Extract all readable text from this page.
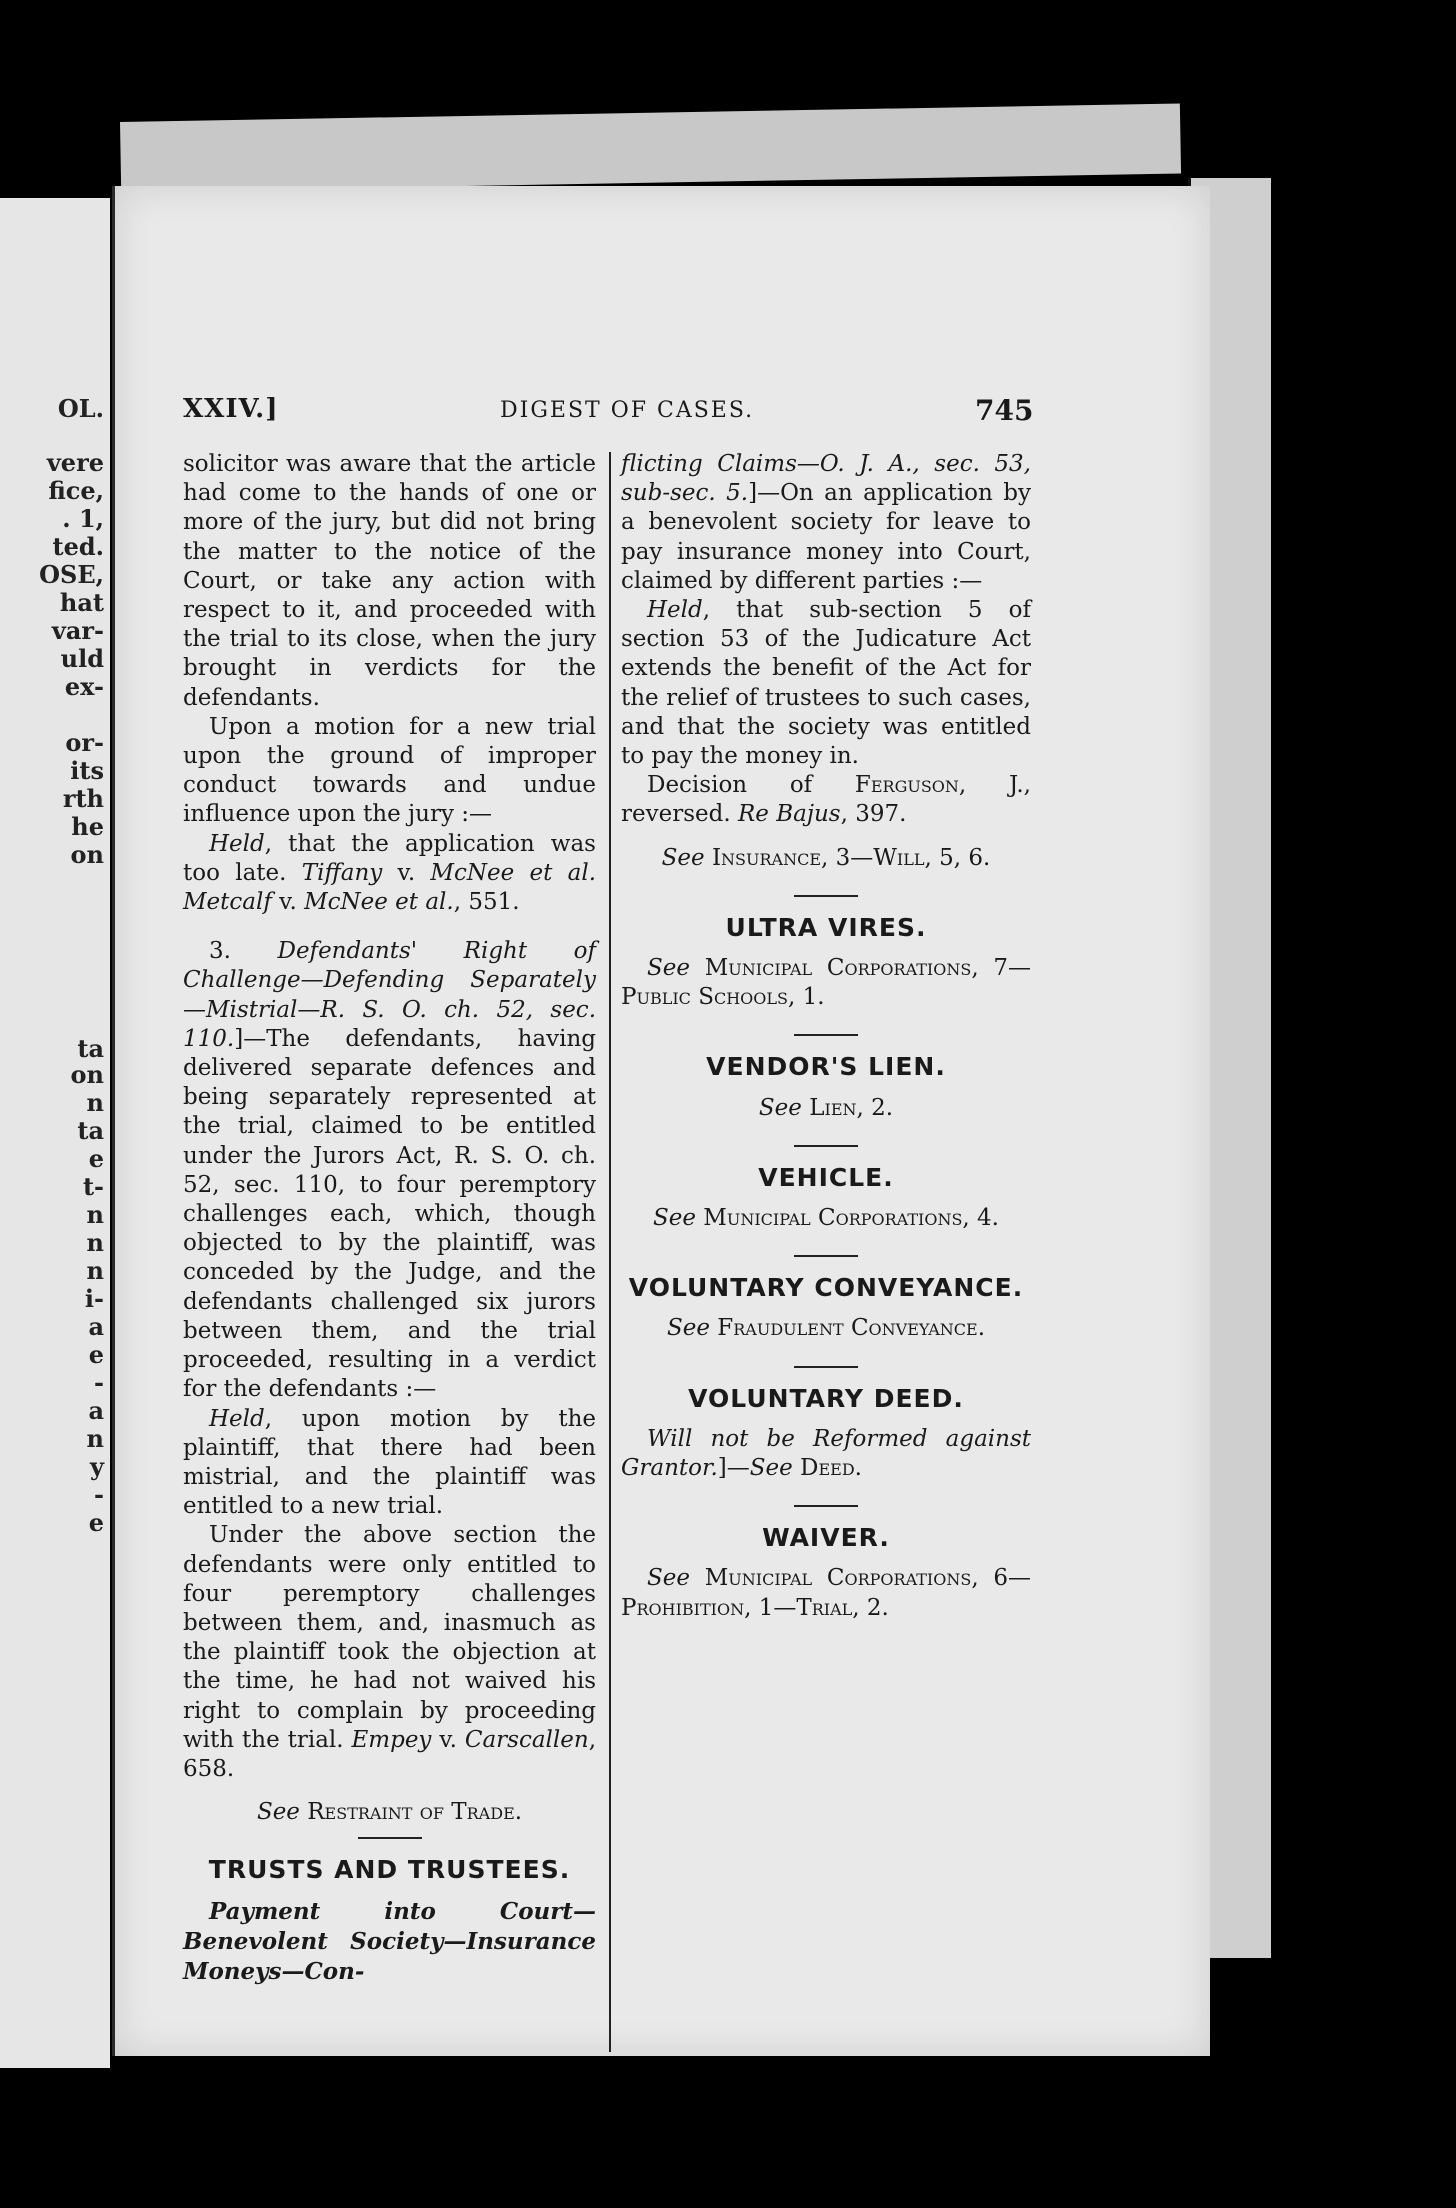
OL.
vere
fice,
. 1,
ted.
OSE,
hat
var-
uld
ex-
or-
its
rth
he
on
ta
on
n
ta
e
t-
n
n
n
i-
a
e
-
a
n
y
-
e
XXIV.]	DIGEST OF CASES.	745

solicitor was aware that the article had come to the hands of one or more of the jury, but did not bring the matter to the notice of the Court, or take any action with respect to it, and proceeded with the trial to its close, when the jury brought in verdicts for the defendants.

Upon a motion for a new trial upon the ground of improper conduct towards and undue influence upon the jury :—

Held, that the application was too late. Tiffany v. McNee et al. Metcalf v. McNee et al., 551.

3. Defendants' Right of Challenge—Defending Separately—Mistrial—R. S. O. ch. 52, sec. 110.]—The defendants, having delivered separate defences and being separately represented at the trial, claimed to be entitled under the Jurors Act, R. S. O. ch. 52, sec. 110, to four peremptory challenges each, which, though objected to by the plaintiff, was conceded by the Judge, and the defendants challenged six jurors between them, and the trial proceeded, resulting in a verdict for the defendants :—

Held, upon motion by the plaintiff, that there had been mistrial, and the plaintiff was entitled to a new trial.

Under the above section the defendants were only entitled to four peremptory challenges between them, and, inasmuch as the plaintiff took the objection at the time, he had not waived his right to complain by proceeding with the trial. Empey v. Carscallen, 658.

See Restraint of Trade.

TRUSTS AND TRUSTEES.

Payment into Court—Benevolent Society—Insurance Moneys—Con-

flicting Claims—O. J. A., sec. 53, sub-sec. 5.]—On an application by a benevolent society for leave to pay insurance money into Court, claimed by different parties :—

Held, that sub-section 5 of section 53 of the Judicature Act extends the benefit of the Act for the relief of trustees to such cases, and that the society was entitled to pay the money in.

Decision of Ferguson, J., reversed. Re Bajus, 397.

See Insurance, 3—Will, 5, 6.

ULTRA VIRES.

See Municipal Corporations, 7—Public Schools, 1.

VENDOR'S LIEN.

See Lien, 2.

VEHICLE.

See Municipal Corporations, 4.

VOLUNTARY CONVEYANCE.

See Fraudulent Conveyance.

VOLUNTARY DEED.

Will not be Reformed against Grantor.]—See Deed.

WAIVER.

See Municipal Corporations, 6—Prohibition, 1—Trial, 2.
